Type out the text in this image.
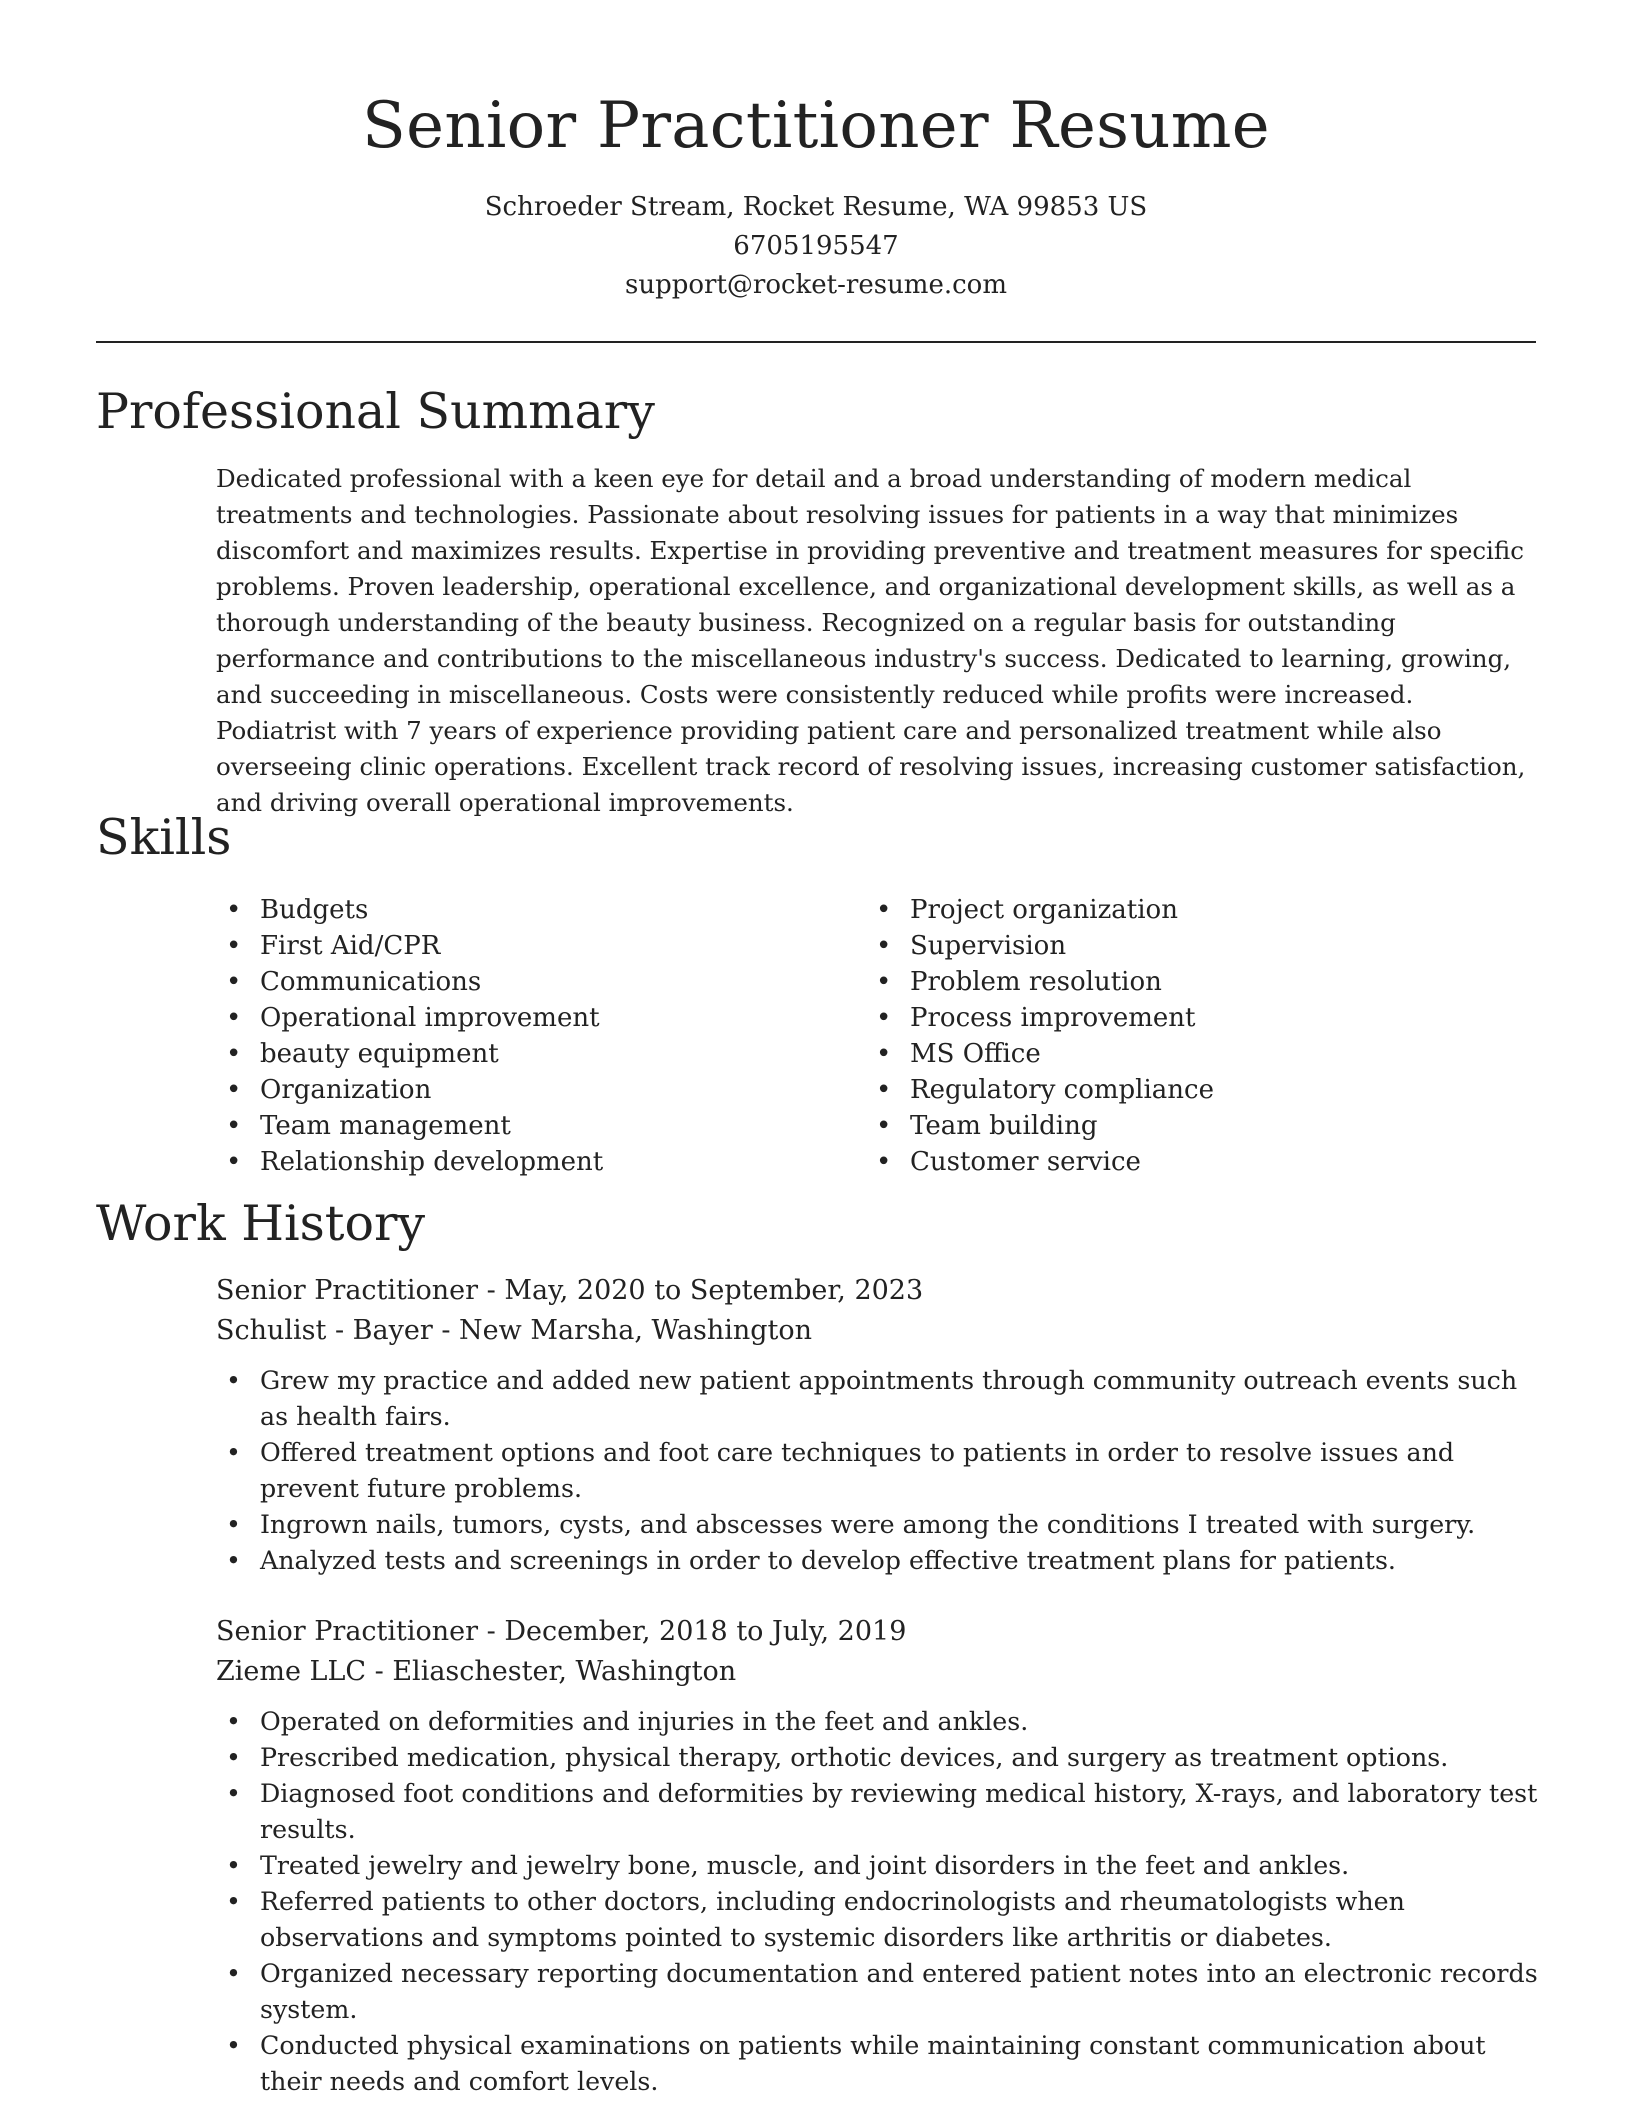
Senior Practitioner Resume

Schroeder Stream, Rocket Resume, WA 99853 US

6705195547

support@rocket-resume.com

Professional Summary

Dedicated professional with a keen eye for detail and a broad understanding of modern medical treatments and technologies. Passionate about resolving issues for patients in a way that minimizes discomfort and maximizes results. Expertise in providing preventive and treatment measures for specific problems. Proven leadership, operational excellence, and organizational development skills, as well as a thorough understanding of the beauty business. Recognized on a regular basis for outstanding performance and contributions to the miscellaneous industry's success. Dedicated to learning, growing, and succeeding in miscellaneous. Costs were consistently reduced while profits were increased. Podiatrist with 7 years of experience providing patient care and personalized treatment while also overseeing clinic operations. Excellent track record of resolving issues, increasing customer satisfaction, and driving overall operational improvements.

Skills
• Budgets
• First Aid/CPR
• Communications
• Operational improvement
• beauty equipment
• Organization
• Team management
• Relationship development
• Project organization
• Supervision
• Problem resolution
• Process improvement
• MS Office
• Regulatory compliance
• Team building
• Customer service
Work History

Senior Practitioner - May, 2020 to September, 2023

Schulist - Bayer - New Marsha, Washington

• Grew my practice and added new patient appointments through community outreach events such as health fairs.
• Offered treatment options and foot care techniques to patients in order to resolve issues and prevent future problems.
• Ingrown nails, tumors, cysts, and abscesses were among the conditions I treated with surgery.
• Analyzed tests and screenings in order to develop effective treatment plans for patients.

Senior Practitioner - December, 2018 to July, 2019

Zieme LLC - Eliaschester, Washington

• Operated on deformities and injuries in the feet and ankles.
• Prescribed medication, physical therapy, orthotic devices, and surgery as treatment options.
• Diagnosed foot conditions and deformities by reviewing medical history, X-rays, and laboratory test results.
• Treated jewelry and jewelry bone, muscle, and joint disorders in the feet and ankles.
• Referred patients to other doctors, including endocrinologists and rheumatologists when observations and symptoms pointed to systemic disorders like arthritis or diabetes.
• Organized necessary reporting documentation and entered patient notes into an electronic records system.
• Conducted physical examinations on patients while maintaining constant communication about their needs and comfort levels.
